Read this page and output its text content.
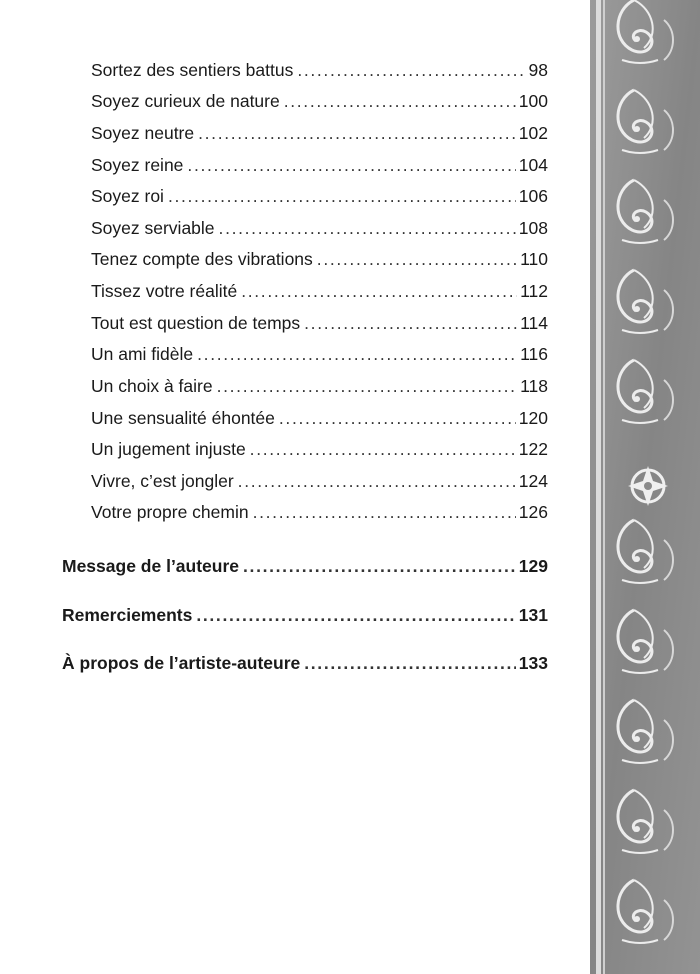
Sortez des sentiers battus . . .	98
Soyez curieux de nature . . .	100
Soyez neutre . . .	102
Soyez reine . . .	104
Soyez roi . . .	106
Soyez serviable . . .	108
Tenez compte des vibrations . . .	110
Tissez votre réalité . . .	112
Tout est question de temps . . .	114
Un ami fidèle . . .	116
Un choix à faire . . .	118
Une sensualité éhontée . . .	120
Un jugement injuste . . .	122
Vivre, c’est jongler . . .	124
Votre propre chemin . . .	126
Message de l’auteure . . .	129
Remerciements . . .	131
À propos de l’artiste-auteure . . .	133
